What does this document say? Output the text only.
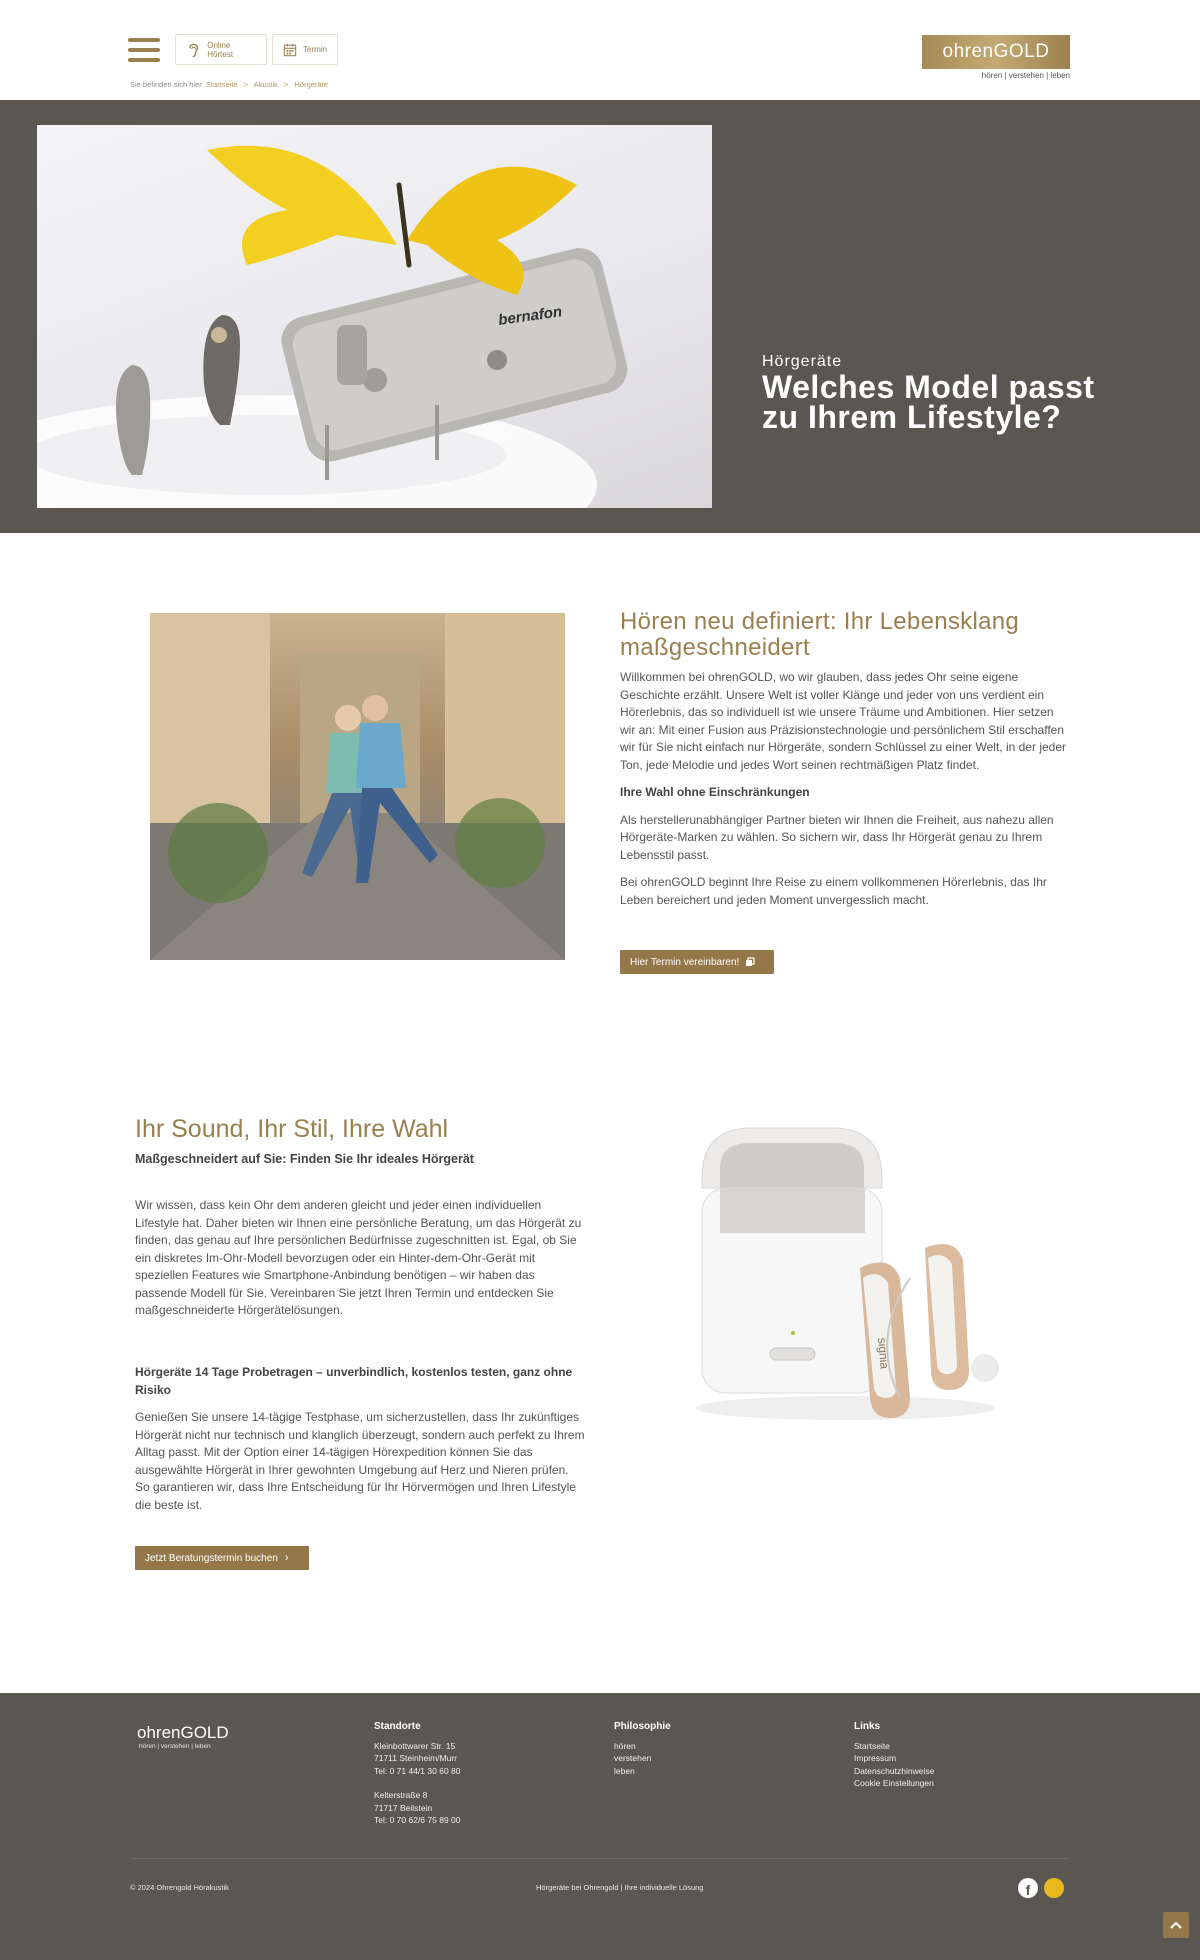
Online Hörtest	Termin
Sie befinden sich hier: Startseite > Akustik > Hörgeräte
ohrenGOLD
hören | verstehen | leben
bernafon
Hörgeräte
Welches Model passt zu Ihrem Lifestyle?
Hören neu definiert: Ihr Lebensklang maßgeschneidert

Willkommen bei ohrenGOLD, wo wir glauben, dass jedes Ohr seine eigene Geschichte erzählt. Unsere Welt ist voller Klänge und jeder von uns verdient ein Hörerlebnis, das so individuell ist wie unsere Träume und Ambitionen. Hier setzen wir an: Mit einer Fusion aus Präzisionstechnologie und persönlichem Stil erschaffen wir für Sie nicht einfach nur Hörgeräte, sondern Schlüssel zu einer Welt, in der jeder Ton, jede Melodie und jedes Wort seinen rechtmäßigen Platz findet.

Ihre Wahl ohne Einschränkungen

Als herstellerunabhängiger Partner bieten wir Ihnen die Freiheit, aus nahezu allen Hörgeräte-Marken zu wählen. So sichern wir, dass Ihr Hörgerät genau zu Ihrem Lebensstil passt.

Bei ohrenGOLD beginnt Ihre Reise zu einem vollkommenen Hörerlebnis, das Ihr Leben bereichert und jeden Moment unvergesslich macht.

Hier Termin vereinbaren!
Ihr Sound, Ihr Stil, Ihre Wahl
Maßgeschneidert auf Sie: Finden Sie Ihr ideales Hörgerät
Wir wissen, dass kein Ohr dem anderen gleicht und jeder einen individuellen Lifestyle hat. Daher bieten wir Ihnen eine persönliche Beratung, um das Hörgerät zu finden, das genau auf Ihre persönlichen Bedürfnisse zugeschnitten ist. Egal, ob Sie ein diskretes Im-Ohr-Modell bevorzugen oder ein Hinter-dem-Ohr-Gerät mit speziellen Features wie Smartphone-Anbindung benötigen – wir haben das passende Modell für Sie. Vereinbaren Sie jetzt Ihren Termin und entdecken Sie maßgeschneiderte Hörgerätelösungen.
Hörgeräte 14 Tage Probetragen – unverbindlich, kostenlos testen, ganz ohne Risiko
Genießen Sie unsere 14-tägige Testphase, um sicherzustellen, dass Ihr zukünftiges Hörgerät nicht nur technisch und klanglich überzeugt, sondern auch perfekt zu Ihrem Alltag passt. Mit der Option einer 14-tägigen Hörexpedition können Sie das ausgewählte Hörgerät in Ihrer gewohnten Umgebung auf Herz und Nieren prüfen. So garantieren wir, dass Ihre Entscheidung für Ihr Hörvermögen und Ihren Lifestyle die beste ist.
Jetzt Beratungstermin buchen ›
signia
ohrenGOLD
hören | verstehen | leben
Standorte
Kleinbottwarer Str. 15
71711 Steinheim/Murr
Tel: 0 71 44/1 30 60 80
Kelterstraße 8
71717 Beilstein
Tel: 0 70 62/6 75 89 00
Philosophie
hören
verstehen
leben
Links
Startseite
Impressum
Datenschutzhinweise
Cookie Einstellungen
© 2024 Ohrengold Hörakustik	Hörgeräte bei Ohrengold | Ihre individuelle Lösung	f
